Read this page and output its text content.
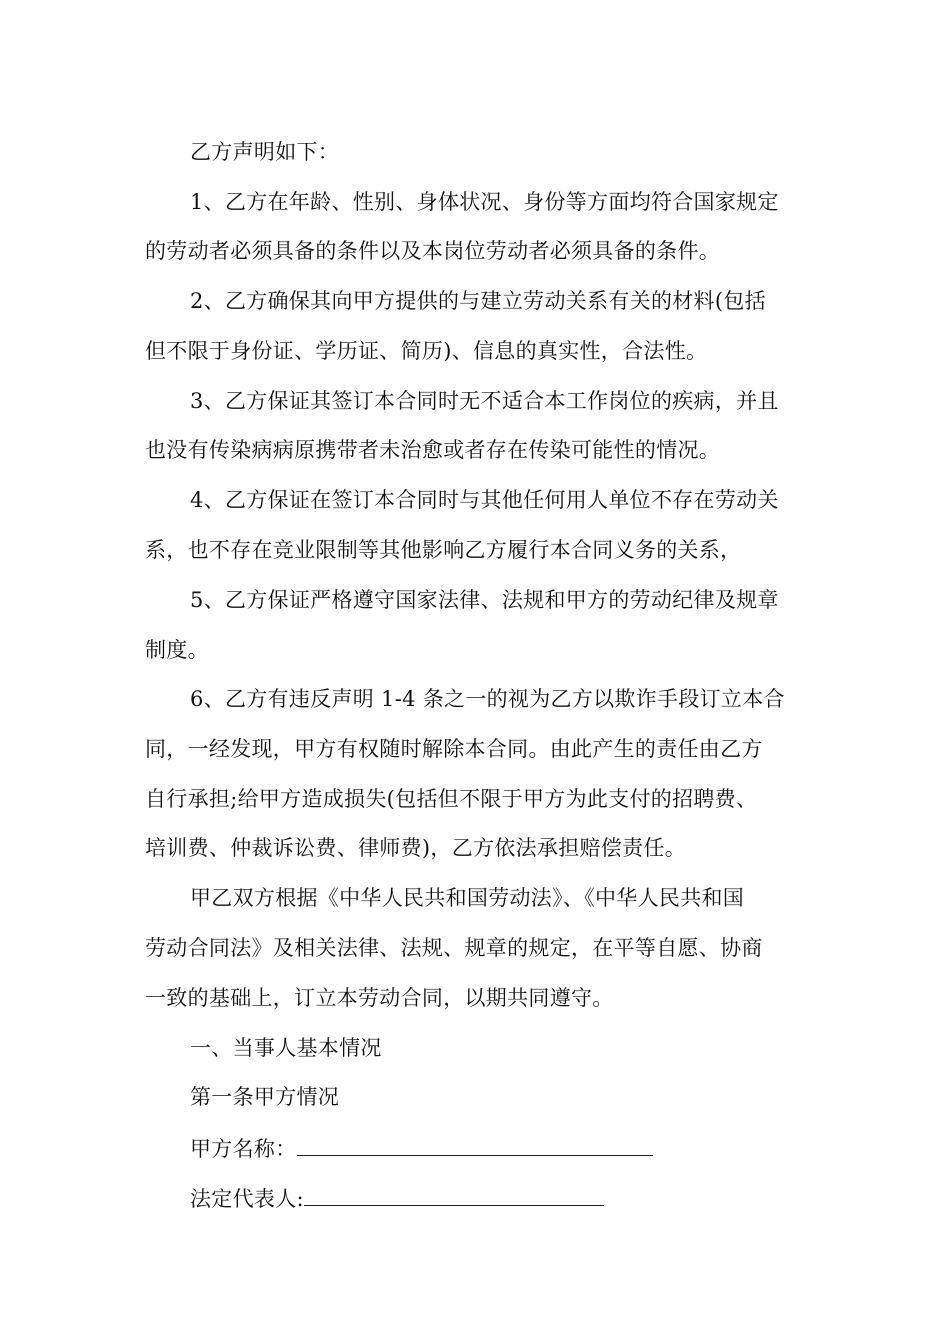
乙方声明如下：
1、乙方在年龄、性别、身体状况、身份等方面均符合国家规定
的劳动者必须具备的条件以及本岗位劳动者必须具备的条件。
2、乙方确保其向甲方提供的与建立劳动关系有关的材料(包括
但不限于身份证、学历证、简历)、信息的真实性，合法性。
3、乙方保证其签订本合同时无不适合本工作岗位的疾病，并且
也没有传染病病原携带者未治愈或者存在传染可能性的情况。
4、乙方保证在签订本合同时与其他任何用人单位不存在劳动关
系，也不存在竞业限制等其他影响乙方履行本合同义务的关系，
5、乙方保证严格遵守国家法律、法规和甲方的劳动纪律及规章
制度。
6、乙方有违反声明 1-4 条之一的视为乙方以欺诈手段订立本合
同，一经发现，甲方有权随时解除本合同。由此产生的责任由乙方
自行承担;给甲方造成损失(包括但不限于甲方为此支付的招聘费、
培训费、仲裁诉讼费、律师费)，乙方依法承担赔偿责任。
甲乙双方根据《中华人民共和国劳动法》、《中华人民共和国
劳动合同法》及相关法律、法规、规章的规定，在平等自愿、协商
一致的基础上，订立本劳动合同，以期共同遵守。
一、当事人基本情况
第一条甲方情况
甲方名称：
法定代表人:
